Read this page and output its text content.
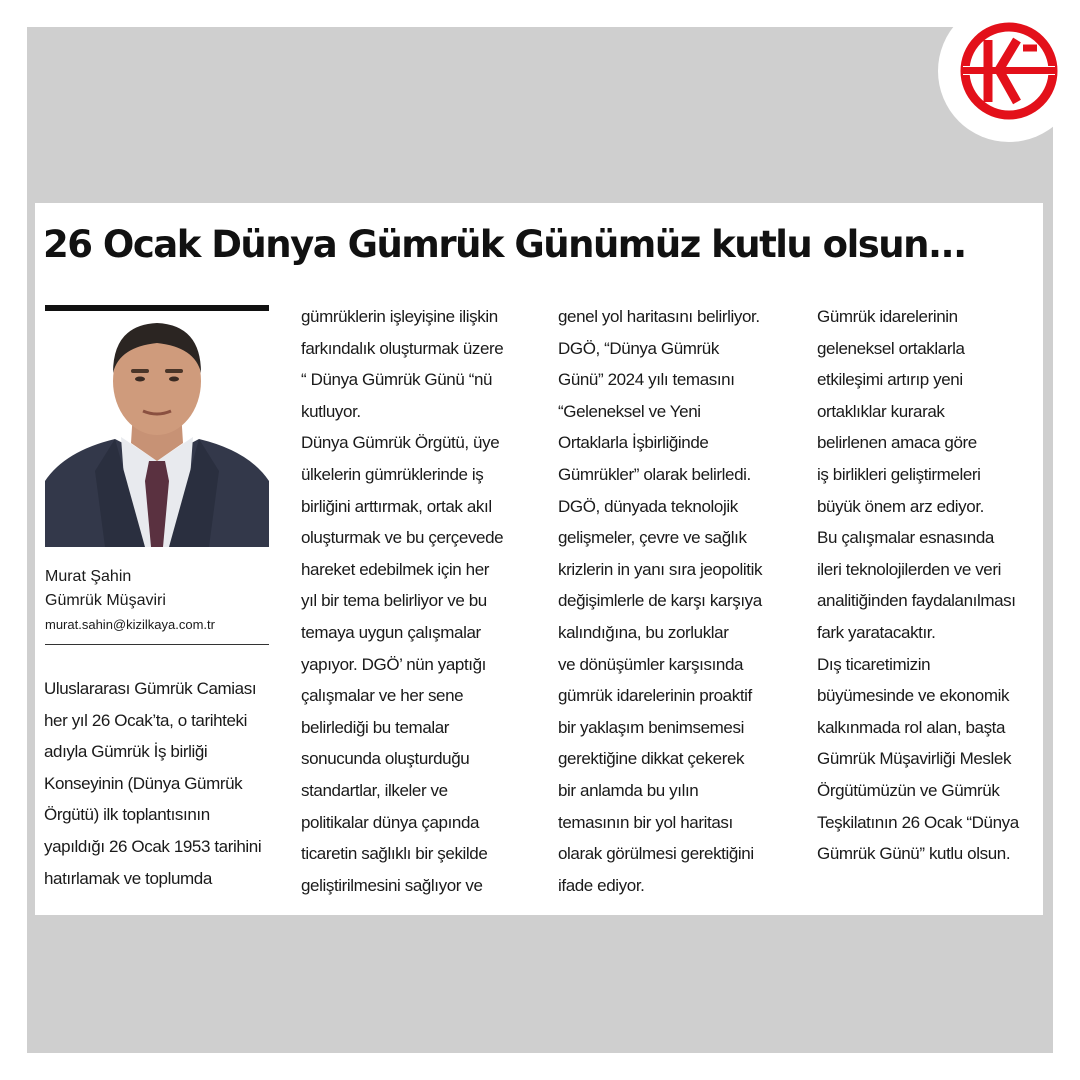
26 Ocak Dünya Gümrük Günümüz kutlu olsun...
Murat Şahin
Gümrük Müşaviri
murat.sahin@kizilkaya.com.tr
Uluslararası Gümrük Camiası
her yıl 26 Ocak’ta, o tarihteki
adıyla Gümrük İş birliği
Konseyinin (Dünya Gümrük
Örgütü) ilk toplantısının
yapıldığı 26 Ocak 1953 tarihini
hatırlamak ve toplumda
gümrüklerin işleyişine ilişkin
farkındalık oluşturmak üzere
“ Dünya Gümrük Günü “nü
kutluyor.
Dünya Gümrük Örgütü, üye
ülkelerin gümrüklerinde iş
birliğini arttırmak, ortak akıl
oluşturmak ve bu çerçevede
hareket edebilmek için her
yıl bir tema belirliyor ve bu
temaya uygun çalışmalar
yapıyor. DGÖ’ nün yaptığı
çalışmalar ve her sene
belirlediği bu temalar
sonucunda oluşturduğu
standartlar, ilkeler ve
politikalar dünya çapında
ticaretin sağlıklı bir şekilde
geliştirilmesini sağlıyor ve
genel yol haritasını belirliyor.
DGÖ, “Dünya Gümrük
Günü” 2024 yılı temasını
“Geleneksel ve Yeni
Ortaklarla İşbirliğinde
Gümrükler” olarak belirledi.
DGÖ, dünyada teknolojik
gelişmeler, çevre ve sağlık
krizlerin in yanı sıra jeopolitik
değişimlerle de karşı karşıya
kalındığına, bu zorluklar
ve dönüşümler karşısında
gümrük idarelerinin proaktif
bir yaklaşım benimsemesi
gerektiğine dikkat çekerek
bir anlamda bu yılın
temasının bir yol haritası
olarak görülmesi gerektiğini
ifade ediyor.
Gümrük idarelerinin
geleneksel ortaklarla
etkileşimi artırıp yeni
ortaklıklar kurarak
belirlenen amaca göre
iş birlikleri geliştirmeleri
büyük önem arz ediyor.
Bu çalışmalar esnasında
ileri teknolojilerden ve veri
analitiğinden faydalanılması
fark yaratacaktır.
Dış ticaretimizin
büyümesinde ve ekonomik
kalkınmada rol alan, başta
Gümrük Müşavirliği Meslek
Örgütümüzün ve Gümrük
Teşkilatının 26 Ocak “Dünya
Gümrük Günü” kutlu olsun.
